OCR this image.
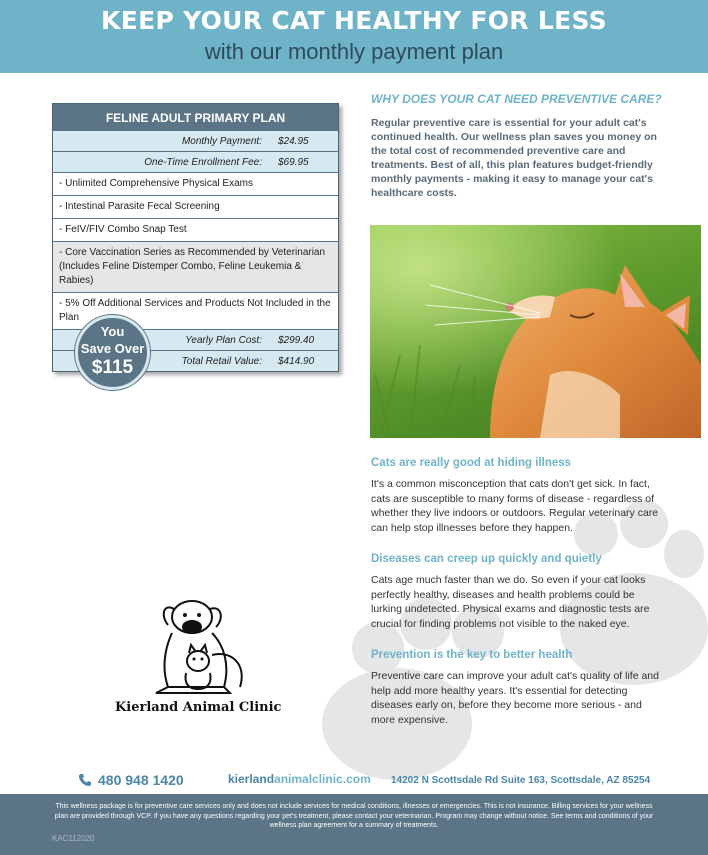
KEEP YOUR CAT HEALTHY FOR LESS
with our monthly payment plan
FELINE ADULT PRIMARY PLAN
Monthly Payment:	$24.95
One-Time Enrollment Fee:	$69.95
- Unlimited Comprehensive Physical Exams
- Intestinal Parasite Fecal Screening
- FeIV/FIV Combo Snap Test
- Core Vaccination Series as Recommended by Veterinarian (Includes Feline Distemper Combo, Feline Leukemia & Rabies)
- 5% Off Additional Services and Products Not Included in the Plan
Yearly Plan Cost:	$299.40
Total Retail Value:	$414.90
You
Save Over
$115
WHY DOES YOUR CAT NEED PREVENTIVE CARE?
Regular preventive care is essential for your adult cat's continued health. Our wellness plan saves you money on the total cost of recommended preventive care and treatments. Best of all, this plan features budget-friendly monthly payments - making it easy to manage your cat's healthcare costs.
Cats are really good at hiding illness
It's a common misconception that cats don't get sick. In fact, cats are susceptible to many forms of disease - regardless of whether they live indoors or outdoors. Regular veterinary care can help stop illnesses before they happen.
Diseases can creep up quickly and quietly
Cats age much faster than we do. So even if your cat looks perfectly healthy, diseases and health problems could be lurking undetected. Physical exams and diagnostic tests are crucial for finding problems not visible to the naked eye.
Prevention is the key to better health
Preventive care can improve your adult cat's quality of life and help add more healthy years. It's essential for detecting diseases early on, before they become more serious - and more expensive.
Kierland Animal Clinic
480 948 1420	kierlandanimalclinic.com 14202 N Scottsdale Rd Suite 163, Scottsdale, AZ 85254
This wellness package is for preventive care services only and does not include services for medical conditions, illnesses or emergencies. This is not insurance. Billing services for your wellness plan are provided through VCP. If you have any questions regarding your pet's treatment, please contact your veterinarian. Program may change without notice. See terms and conditions of your wellness plan agreement for a summary of treatments.
KAC112020
